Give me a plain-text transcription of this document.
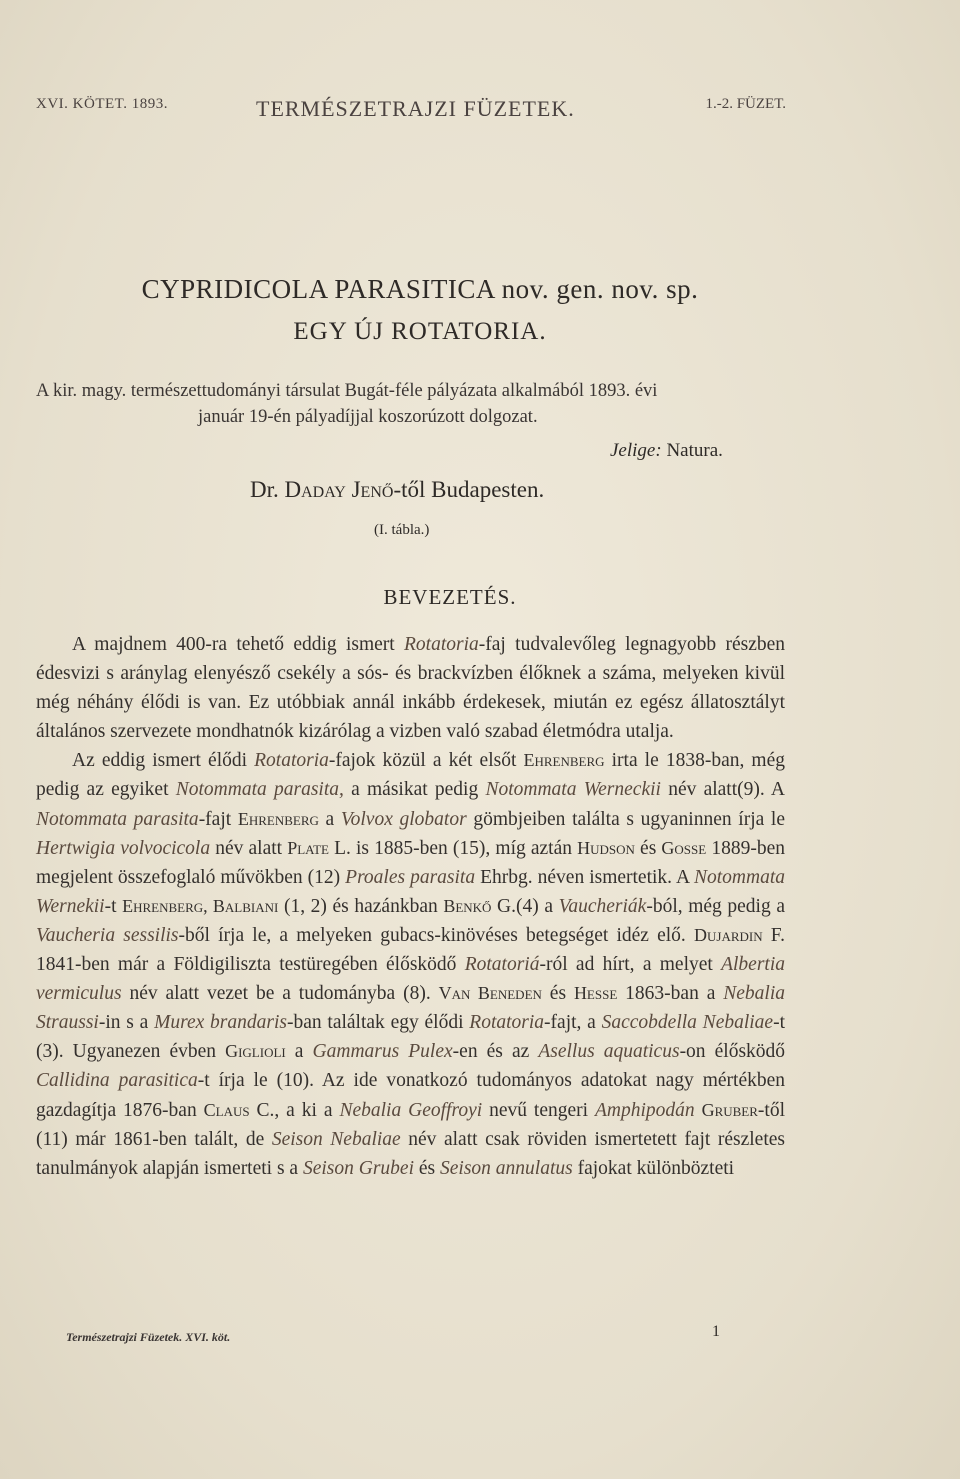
XVI. KÖTET. 1893.	TERMÉSZETRAJZI FÜZETEK.	1.-2. FÜZET.
CYPRIDICOLA PARASITICA nov. gen. nov. sp.
EGY ÚJ ROTATORIA.
A kir. magy. természettudományi társulat Bugát-féle pályázata alkalmából 1893. évi
január 19-én pályadíjjal koszorúzott dolgozat.
Jelige: Natura.
Dr. Daday Jenő-től Budapesten.
(I. tábla.)
BEVEZETÉS.

A majdnem 400-ra tehető eddig ismert Rotatoria-faj tudvalevőleg legnagyobb részben édesvizi s aránylag elenyésző csekély a sós- és brackvízben élőknek a száma, melyeken kivül még néhány élődi is van. Ez utóbbiak annál inkább érdekesek, miután ez egész állatosztályt általános szervezete mondhatnók kizárólag a vizben való szabad életmódra utalja.

Az eddig ismert élődi Rotatoria-fajok közül a két elsőt Ehrenberg irta le 1838-ban, még pedig az egyiket Notommata parasita, a másikat pedig Notommata Werneckii név alatt(9). A Notommata parasita-fajt Ehrenberg a Volvox globator gömbjeiben találta s ugyaninnen írja le Hertwigia volvocicola név alatt Plate L. is 1885-ben (15), míg aztán Hudson és Gosse 1889-ben megjelent összefoglaló művökben (12) Proales parasita Ehrbg. néven ismertetik. A Notommata Wernekii-t Ehrenberg, Balbiani (1, 2) és hazánkban Benkő G.(4) a Vaucheriák-ból, még pedig a Vaucheria sessilis-ből írja le, a melyeken gubacs-kinövéses betegséget idéz elő. Dujardin F. 1841-ben már a Földigiliszta testüregében élősködő Rotatoriá-ról ad hírt, a melyet Albertia vermiculus név alatt vezet be a tudományba (8). Van Beneden és Hesse 1863-ban a Nebalia Straussi-in s a Murex brandaris-ban találtak egy élődi Rotatoria-fajt, a Saccobdella Nebaliae-t (3). Ugyanezen évben Giglioli a Gammarus Pulex-en és az Asellus aquaticus-on élősködő Callidina parasitica-t írja le (10). Az ide vonatkozó tudományos adatokat nagy mértékben gazdagítja 1876-ban Claus C., a ki a Nebalia Geoffroyi nevű tengeri Amphipodán Gruber-től (11) már 1861-ben talált, de Seison Nebaliae név alatt csak röviden ismertetett fajt részletes tanulmányok alapján ismerteti s a Seison Grubei és Seison annulatus fajokat különbözteti

Természetrajzi Füzetek. XVI. köt.	1
